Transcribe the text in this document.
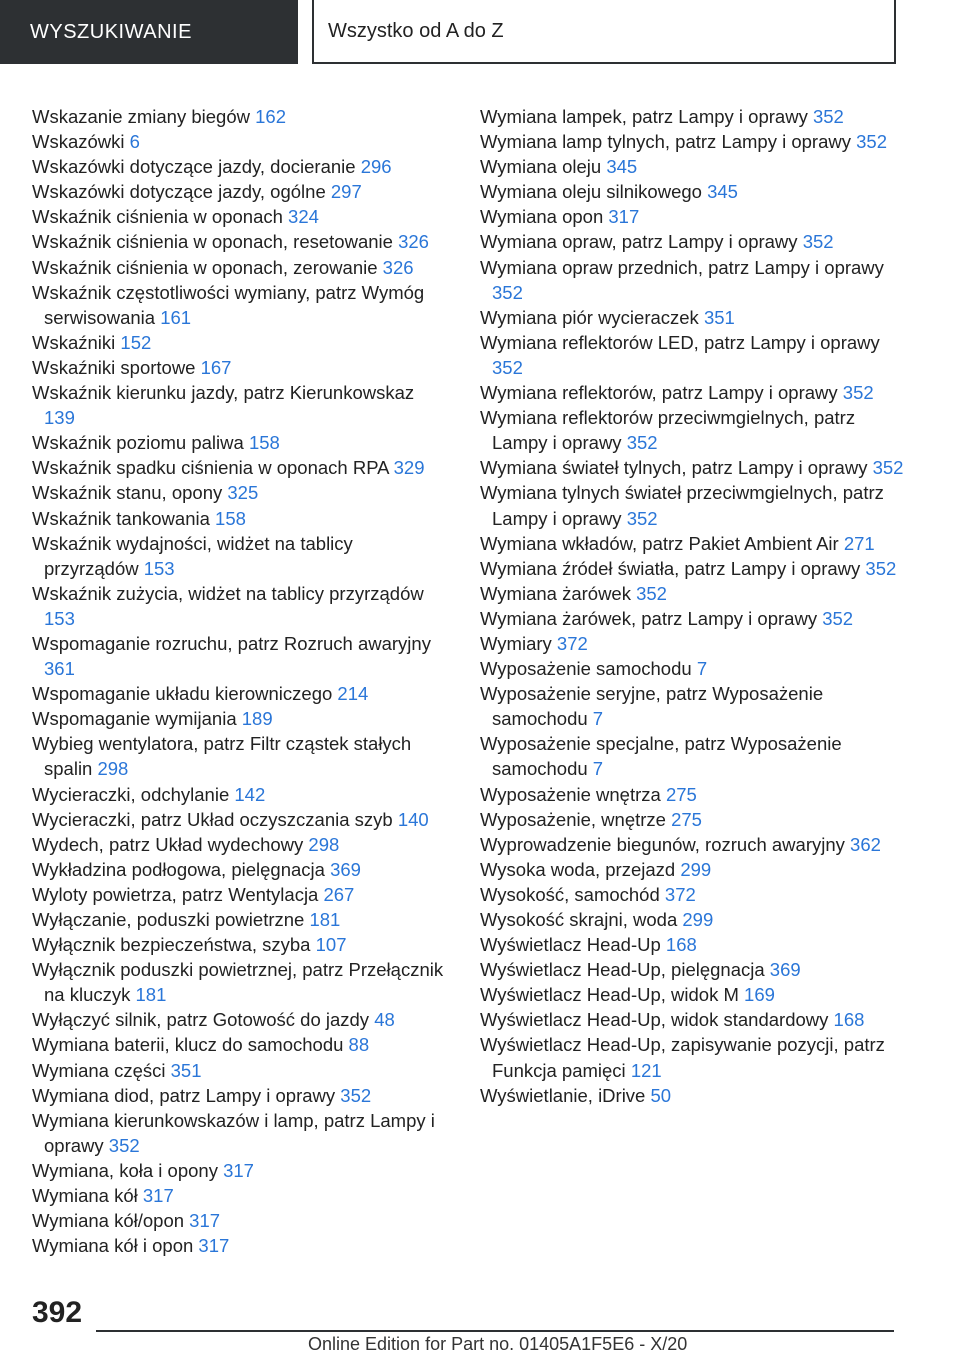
WYSZUKIWANIE	Wszystko od A do Z
Wskazanie zmiany biegów 162
Wskazówki 6
Wskazówki dotyczące jazdy, docieranie 296
Wskazówki dotyczące jazdy, ogólne 297
Wskaźnik ciśnienia w oponach 324
Wskaźnik ciśnienia w oponach, resetowanie 326
Wskaźnik ciśnienia w oponach, zerowanie 326
Wskaźnik częstotliwości wymiany, patrz Wymóg serwisowania 161
Wskaźniki 152
Wskaźniki sportowe 167
Wskaźnik kierunku jazdy, patrz Kierunkowskaz 139
Wskaźnik poziomu paliwa 158
Wskaźnik spadku ciśnienia w oponach RPA 329
Wskaźnik stanu, opony 325
Wskaźnik tankowania 158
Wskaźnik wydajności, widżet na tablicy przyrządów 153
Wskaźnik zużycia, widżet na tablicy przyrządów 153
Wspomaganie rozruchu, patrz Rozruch awaryjny 361
Wspomaganie układu kierowniczego 214
Wspomaganie wymijania 189
Wybieg wentylatora, patrz Filtr cząstek stałych spalin 298
Wycieraczki, odchylanie 142
Wycieraczki, patrz Układ oczyszczania szyb 140
Wydech, patrz Układ wydechowy 298
Wykładzina podłogowa, pielęgnacja 369
Wyloty powietrza, patrz Wentylacja 267
Wyłączanie, poduszki powietrzne 181
Wyłącznik bezpieczeństwa, szyba 107
Wyłącznik poduszki powietrznej, patrz Przełącznik na kluczyk 181
Wyłączyć silnik, patrz Gotowość do jazdy 48
Wymiana baterii, klucz do samochodu 88
Wymiana części 351
Wymiana diod, patrz Lampy i oprawy 352
Wymiana kierunkowskazów i lamp, patrz Lampy i oprawy 352
Wymiana, koła i opony 317
Wymiana kół 317
Wymiana kół/opon 317
Wymiana kół i opon 317
Wymiana lampek, patrz Lampy i oprawy 352
Wymiana lamp tylnych, patrz Lampy i oprawy 352
Wymiana oleju 345
Wymiana oleju silnikowego 345
Wymiana opon 317
Wymiana opraw, patrz Lampy i oprawy 352
Wymiana opraw przednich, patrz Lampy i oprawy 352
Wymiana piór wycieraczek 351
Wymiana reflektorów LED, patrz Lampy i oprawy 352
Wymiana reflektorów, patrz Lampy i oprawy 352
Wymiana reflektorów przeciwmgielnych, patrz Lampy i oprawy 352
Wymiana świateł tylnych, patrz Lampy i oprawy 352
Wymiana tylnych świateł przeciwmgielnych, patrz Lampy i oprawy 352
Wymiana wkładów, patrz Pakiet Ambient Air 271
Wymiana źródeł światła, patrz Lampy i oprawy 352
Wymiana żarówek 352
Wymiana żarówek, patrz Lampy i oprawy 352
Wymiary 372
Wyposażenie samochodu 7
Wyposażenie seryjne, patrz Wyposażenie samochodu 7
Wyposażenie specjalne, patrz Wyposażenie samochodu 7
Wyposażenie wnętrza 275
Wyposażenie, wnętrze 275
Wyprowadzenie biegunów, rozruch awaryjny 362
Wysoka woda, przejazd 299
Wysokość, samochód 372
Wysokość skrajni, woda 299
Wyświetlacz Head-Up 168
Wyświetlacz Head-Up, pielęgnacja 369
Wyświetlacz Head-Up, widok M 169
Wyświetlacz Head-Up, widok standardowy 168
Wyświetlacz Head-Up, zapisywanie pozycji, patrz Funkcja pamięci 121
Wyświetlanie, iDrive 50
392
Online Edition for Part no. 01405A1F5E6 - X/20
